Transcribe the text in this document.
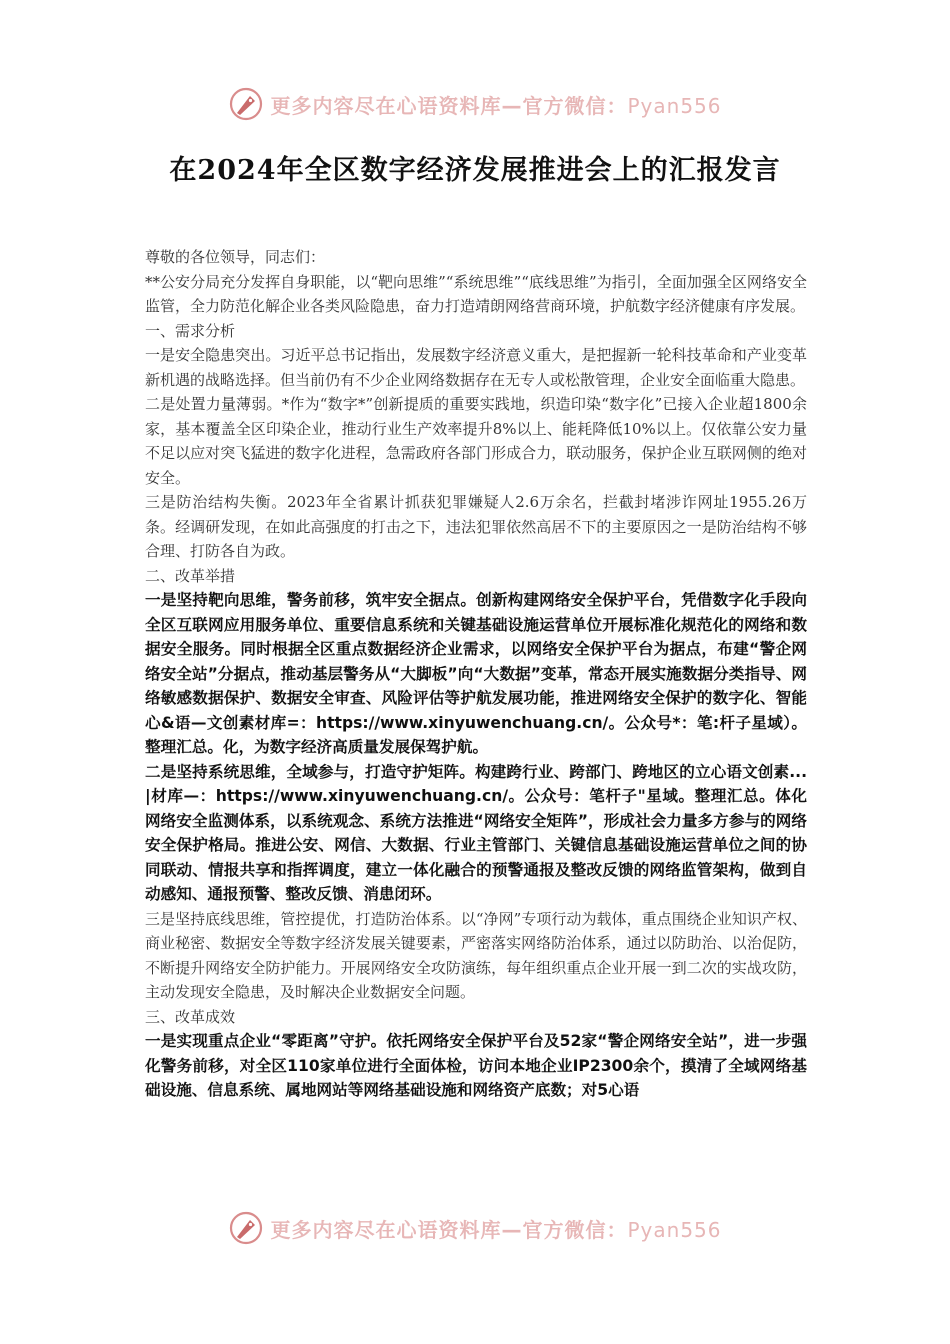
更多内容尽在心语资料库—官方微信：Pyan556
在2024年全区数字经济发展推进会上的汇报发言

尊敬的各位领导，同志们：

**公安分局充分发挥自身职能，以“靶向思维”“系统思维”“底线思维”为指引，全面加强全区网络安全监管，全力防范化解企业各类风险隐患，奋力打造靖朗网络营商环境，护航数字经济健康有序发展。

一、需求分析

一是安全隐患突出。习近平总书记指出，发展数字经济意义重大，是把握新一轮科技革命和产业变革新机遇的战略选择。但当前仍有不少企业网络数据存在无专人或松散管理，企业安全面临重大隐患。

二是处置力量薄弱。*作为“数字*”创新提质的重要实践地，织造印染“数字化”已接入企业超1800余家，基本覆盖全区印染企业，推动行业生产效率提升8%以上、能耗降低10%以上。仅依靠公安力量不足以应对突飞猛进的数字化进程，急需政府各部门形成合力，联动服务，保护企业互联网侧的绝对安全。

三是防治结构失衡。2023年全省累计抓获犯罪嫌疑人2.6万余名，拦截封堵涉诈网址1955.26万条。经调研发现，在如此高强度的打击之下，违法犯罪依然高居不下的主要原因之一是防治结构不够合理、打防各自为政。

二、改革举措

一是坚持靶向思维，警务前移，筑牢安全据点。创新构建网络安全保护平台，凭借数字化手段向全区互联网应用服务单位、重要信息系统和关键基础设施运营单位开展标准化规范化的网络和数据安全服务。同时根据全区重点数据经济企业需求，以网络安全保护平台为据点，布建“警企网络安全站”分据点，推动基层警务从“大脚板”向“大数据”变革，常态开展实施数据分类指导、网络敏感数据保护、数据安全审查、风险评估等护航发展功能，推进网络安全保护的数字化、智能心&语—文创素材库=：https://www.xinyuwenchuang.cn/。公众号*：笔:杆子星域）。整理汇总。化，为数字经济高质量发展保驾护航。

二是坚持系统思维，全域参与，打造守护矩阵。构建跨行业、跨部门、跨地区的立心语文创素...|材库—：https://www.xinyuwenchuang.cn/。公众号：笔杆子"星域。整理汇总。体化网络安全监测体系，以系统观念、系统方法推进“网络安全矩阵”，形成社会力量多方参与的网络安全保护格局。推进公安、网信、大数据、行业主管部门、关键信息基础设施运营单位之间的协同联动、情报共享和指挥调度，建立一体化融合的预警通报及整改反馈的网络监管架构，做到自动感知、通报预警、整改反馈、消患闭环。

三是坚持底线思维，管控提优，打造防治体系。以“净网”专项行动为载体，重点围绕企业知识产权、商业秘密、数据安全等数字经济发展关键要素，严密落实网络防治体系，通过以防助治、以治促防，不断提升网络安全防护能力。开展网络安全攻防演练，每年组织重点企业开展一到二次的实战攻防，主动发现安全隐患，及时解决企业数据安全问题。

三、改革成效

一是实现重点企业“零距离”守护。依托网络安全保护平台及52家“警企网络安全站”，进一步强化警务前移，对全区110家单位进行全面体检，访问本地企业IP2300余个，摸清了全域网络基础设施、信息系统、属地网站等网络基础设施和网络资产底数；对5心语

更多内容尽在心语资料库—官方微信：Pyan556
